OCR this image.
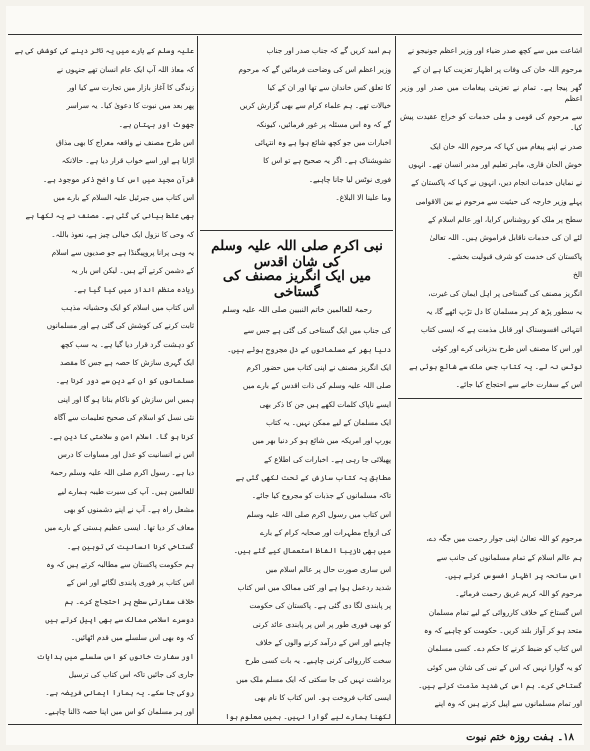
اشاعت میں سے کچھ صدر ضیاء اور وزیر اعظم جونیجو نے

مرحوم اللہ خان کی وفات پر اظہار تعزیت کیا ہے ان کے

گھر پیجا ہے۔ تمام نے تعزیتی پیغامات میں صدر اور وزیر اعظم

سے مرحوم کی قومی و ملی خدمات کو خراج عقیدت پیش کیا۔

صدر نے اپنے پیغام میں کہا کہ مرحوم اللہ خان ایک

خوش الحان قاری، ماہر تعلیم اور مدبر انسان تھے۔ انہوں

نے نمایاں خدمات انجام دیں، انہوں نے کہا کہ پاکستان کے

پہلے وزیر خارجہ کی حیثیت سے مرحوم نے بین الاقوامی

سطح پر ملک کو روشناس کرایا، اور عالم اسلام کے

لئے ان کی خدمات ناقابل فراموش ہیں۔ اللہ تعالیٰ

پاکستان کی خدمت کو شرف قبولیت بخشے۔

الخ

انگریز مصنف کی گستاخی پر اہل ایمان کی غیرت،

یہ سطور پڑھ کر ہر مسلمان کا دل تڑپ اٹھے گا، یہ

انتہائی افسوسناک اور قابل مذمت ہے کہ ایسی کتاب

اور اس کا مصنف اس طرح بدزبانی کرے اور کوئی

نوٹس نہ لے۔ یہ کتاب جس ملک سے شائع ہوئی ہے

اس کے سفارت خانے سے احتجاج کیا جائے۔

مرحوم کو اللہ تعالیٰ اپنی جوار رحمت میں جگہ دے،

ہم عالم اسلام کے تمام مسلمانوں کی جانب سے

اس سانحہ پر اظہار افسوس کرتے ہیں۔

مرحوم کو اللہ کریم غریق رحمت فرمائے۔

اس گستاخ کے خلاف کارروائی کے لیے تمام مسلمان

متحد ہو کر آواز بلند کریں۔ حکومت کو چاہیے کہ وہ

اس کتاب کو ضبط کرنے کا حکم دے۔ کسی مسلمان

کو یہ گوارا نہیں کہ اس کے نبی کی شان میں کوئی

گستاخی کرے۔ ہم اس کی شدید مذمت کرتے ہیں۔

اور تمام مسلمانوں سے اپیل کرتے ہیں کہ وہ اپنے

ہم امید کریں گے کہ جناب صدر اور جناب

وزیر اعظم اس کی وضاحت فرمائیں گے کہ مرحوم

کا تعلق کس خاندان سے تھا اور ان کے کیا

خیالات تھے۔ ہم علماء کرام سے بھی گزارش کریں

گے کہ وہ اس مسئلہ پر غور فرمائیں، کیونکہ

اخبارات میں جو کچھ شائع ہوا ہے وہ انتہائی

تشویشناک ہے۔ اگر یہ صحیح ہے تو اس کا

فوری نوٹس لیا جانا چاہیے۔

وما علینا الا البلاغ۔

نبی اکرم صلی اللہ علیہ وسلم کی شان اقدس
میں ایک انگریز مصنف کی گستاخی
رحمۃ للعالمین خاتم النبیین صلی اللہ علیہ وسلم

کی جناب میں ایک گستاخی کی گئی ہے جس سے

دنیا بھر کے مسلمانوں کے دل مجروح ہوئے ہیں۔

ایک انگریز مصنف نے اپنی کتاب میں حضور اکرم

صلی اللہ علیہ وسلم کی ذات اقدس کے بارے میں

ایسے ناپاک کلمات لکھے ہیں جن کا ذکر بھی

ایک مسلمان کے لیے ممکن نہیں۔ یہ کتاب

یورپ اور امریکہ میں شائع ہو کر دنیا بھر میں

پھیلائی جا رہی ہے۔ اخبارات کی اطلاع کے

مطابق یہ کتاب سازش کے تحت لکھی گئی ہے

تاکہ مسلمانوں کے جذبات کو مجروح کیا جائے۔

اس کتاب میں رسول اکرم صلی اللہ علیہ وسلم

کی ازواج مطہرات اور صحابہ کرام کے بارے

میں بھی نازیبا الفاظ استعمال کیے گئے ہیں۔

اس ساری صورت حال پر عالم اسلام میں

شدید ردعمل ہوا ہے اور کئی ممالک میں اس کتاب

پر پابندی لگا دی گئی ہے۔ پاکستان کی حکومت

کو بھی فوری طور پر اس پر پابندی عائد کرنی

چاہیے اور اس کے درآمد کرنے والوں کے خلاف

سخت کارروائی کرنی چاہیے۔ یہ بات کسی طرح

برداشت نہیں کی جا سکتی کہ ایک مسلم ملک میں

ایسی کتاب فروخت ہو۔ اس کتاب کا نام بھی

لکھنا ہمارے لیے گوارا نہیں۔ ہمیں معلوم ہوا

علیہ وسلم کے بارے میں یہ تاثر دینے کی کوشش کی ہے

کہ معاذ اللہ آپ ایک عام انسان تھے جنہوں نے

زندگی کا آغاز بازار میں تجارت سے کیا اور

پھر بعد میں نبوت کا دعویٰ کیا۔ یہ سراسر

جھوٹ اور بہتان ہے۔

اس طرح مصنف نے واقعہ معراج کا بھی مذاق

اڑایا ہے اور اسے خواب قرار دیا ہے۔ حالانکہ

قرآن مجید میں اس کا واضح ذکر موجود ہے۔

اس کتاب میں جبرئیل علیہ السلام کے بارے میں

بھی غلط بیانی کی گئی ہے۔ مصنف نے یہ لکھا ہے

کہ وحی کا نزول ایک خیالی چیز ہے، نعوذ باللہ۔

یہ وہی پرانا پروپیگنڈا ہے جو صدیوں سے اسلام

کے دشمن کرتے آئے ہیں۔ لیکن اس بار یہ

زیادہ منظم انداز میں کیا گیا ہے۔

اس کتاب میں اسلام کو ایک وحشیانہ مذہب

ثابت کرنے کی کوشش کی گئی ہے اور مسلمانوں

کو دہشت گرد قرار دیا گیا ہے۔ یہ سب کچھ

ایک گہری سازش کا حصہ ہے جس کا مقصد

مسلمانوں کو ان کے دین سے دور کرنا ہے۔

ہمیں اس سازش کو ناکام بنانا ہو گا اور اپنی

نئی نسل کو اسلام کی صحیح تعلیمات سے آگاہ

کرنا ہو گا۔ اسلام امن و سلامتی کا دین ہے۔

اس نے انسانیت کو عدل اور مساوات کا درس

دیا ہے۔ رسول اکرم صلی اللہ علیہ وسلم رحمۃ

للعالمین ہیں۔ آپ کی سیرت طیبہ ہمارے لیے

مشعل راہ ہے۔ آپ نے اپنے دشمنوں کو بھی

معاف کر دیا تھا۔ ایسی عظیم ہستی کے بارے میں

گستاخی کرنا انسانیت کی توہین ہے۔

ہم حکومت پاکستان سے مطالبہ کرتے ہیں کہ وہ

اس کتاب پر فوری پابندی لگائے اور اس کے

خلاف سفارتی سطح پر احتجاج کرے۔ ہم

دوسرے اسلامی ممالک سے بھی اپیل کرتے ہیں

کہ وہ بھی اس سلسلے میں قدم اٹھائیں۔

اور سفارت خانوں کو اس سلسلے میں ہدایات

جاری کی جائیں تاکہ اس کتاب کی ترسیل

روکی جا سکے۔ یہ ہمارا ایمانی فریضہ ہے۔

اور ہر مسلمان کو اس میں اپنا حصہ ڈالنا چاہیے۔

۱۸۔ ہفت روزہ ختم نبوت
